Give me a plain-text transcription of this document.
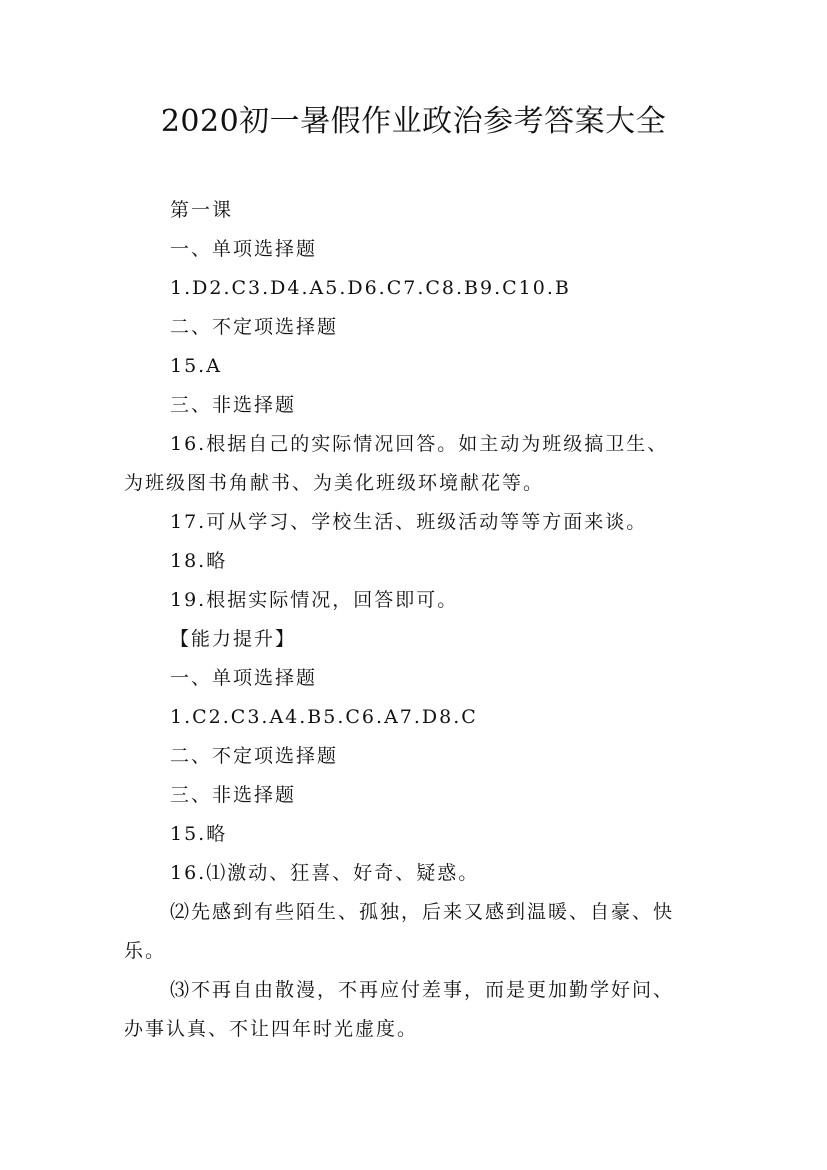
2020初一暑假作业政治参考答案大全

第一课

一、单项选择题

1.D2.C3.D4.A5.D6.C7.C8.B9.C10.B

二、不定项选择题

15.A

三、非选择题

16.根据自己的实际情况回答。如主动为班级搞卫生、

为班级图书角献书、为美化班级环境献花等。

17.可从学习、学校生活、班级活动等等方面来谈。

18.略

19.根据实际情况，回答即可。

【能力提升】

一、单项选择题

1.C2.C3.A4.B5.C6.A7.D8.C

二、不定项选择题

三、非选择题

15.略

16.⑴激动、狂喜、好奇、疑惑。

⑵先感到有些陌生、孤独，后来又感到温暖、自豪、快

乐。

⑶不再自由散漫，不再应付差事，而是更加勤学好问、

办事认真、不让四年时光虚度。
